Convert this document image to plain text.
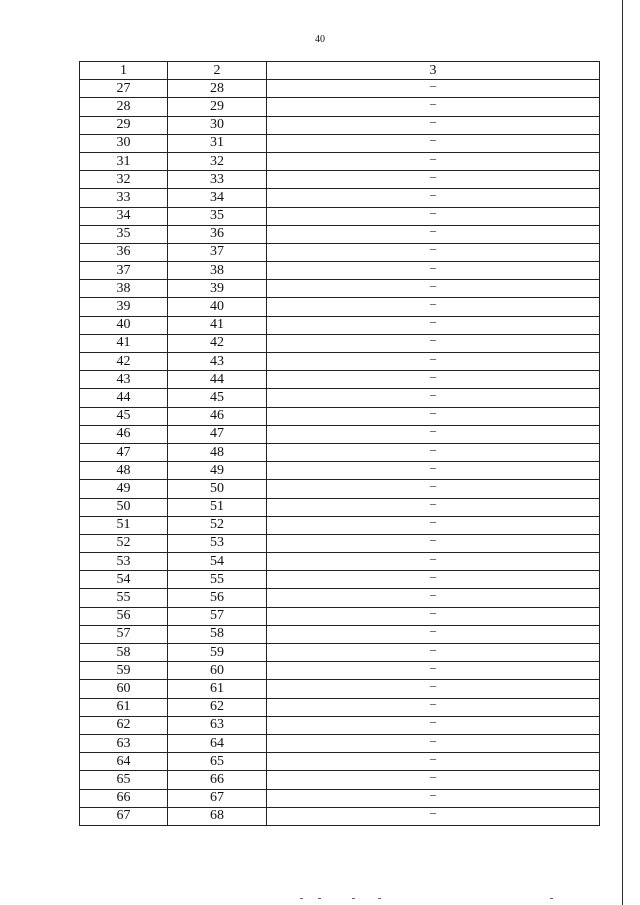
40
1	2	3
27	28	–
28	29	–
29	30	–
30	31	–
31	32	–
32	33	–
33	34	–
34	35	–
35	36	–
36	37	–
37	38	–
38	39	–
39	40	–
40	41	–
41	42	–
42	43	–
43	44	–
44	45	–
45	46	–
46	47	–
47	48	–
48	49	–
49	50	–
50	51	–
51	52	–
52	53	–
53	54	–
54	55	–
55	56	–
56	57	–
57	58	–
58	59	–
59	60	–
60	61	–
61	62	–
62	63	–
63	64	–
64	65	–
65	66	–
66	67	–
67	68	–
